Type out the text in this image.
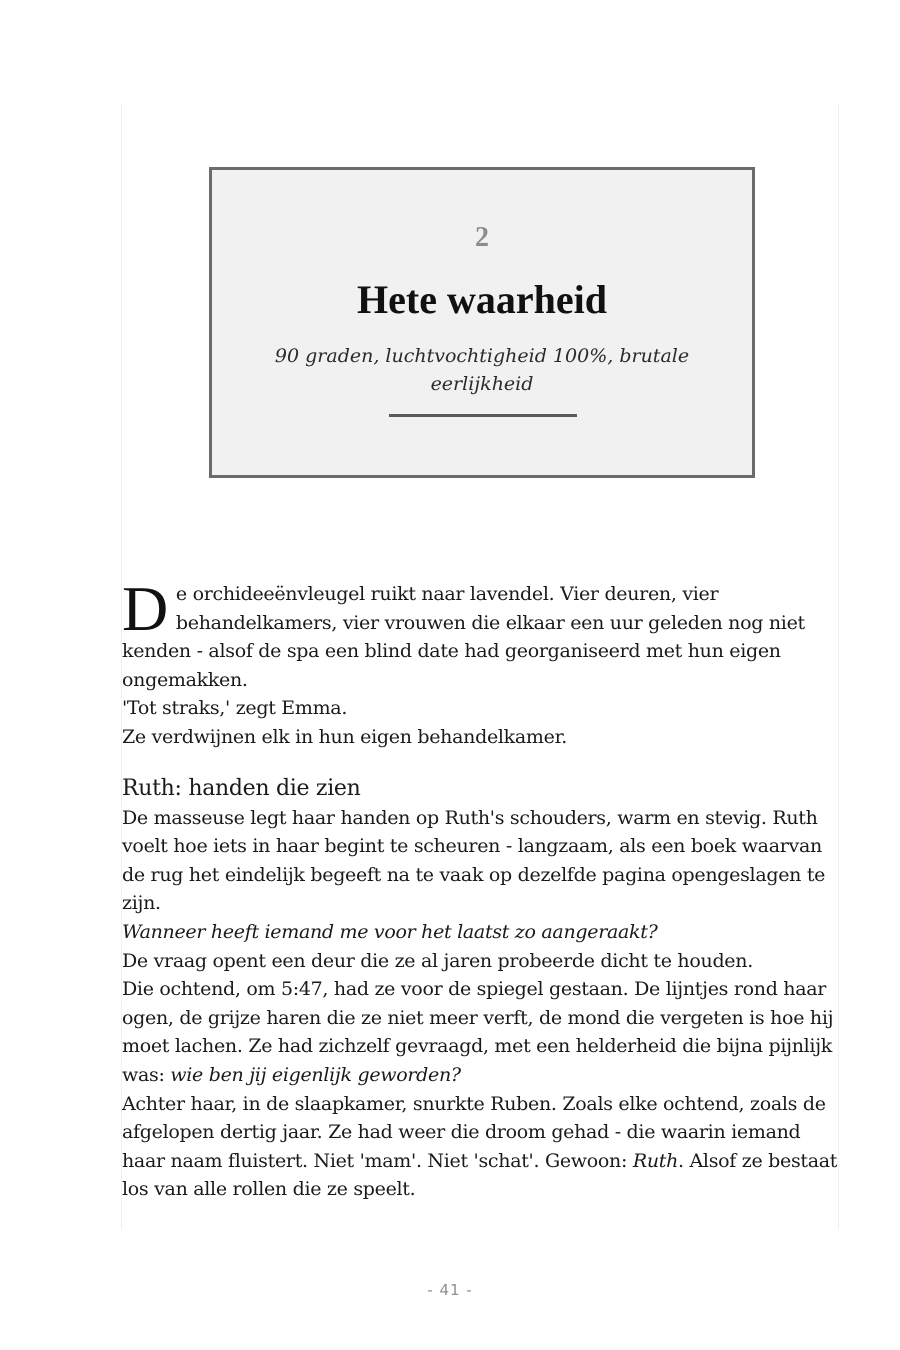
2
Hete waarheid
90 graden, luchtvochtigheid 100%, brutale eerlijkheid

De orchideeënvleugel ruikt naar lavendel. Vier deuren, vier behandelkamers, vier vrouwen die elkaar een uur geleden nog niet kenden - alsof de spa een blind date had georganiseerd met hun eigen ongemakken.

'Tot straks,' zegt Emma.

Ze verdwijnen elk in hun eigen behandelkamer.

Ruth: handen die zien

De masseuse legt haar handen op Ruth's schouders, warm en stevig. Ruth voelt hoe iets in haar begint te scheuren - langzaam, als een boek waarvan de rug het eindelijk begeeft na te vaak op dezelfde pagina opengeslagen te zijn.

Wanneer heeft iemand me voor het laatst zo aangeraakt?

De vraag opent een deur die ze al jaren probeerde dicht te houden.

Die ochtend, om 5:47, had ze voor de spiegel gestaan. De lijntjes rond haar ogen, de grijze haren die ze niet meer verft, de mond die vergeten is hoe hij moet lachen. Ze had zichzelf gevraagd, met een helderheid die bijna pijnlijk was: wie ben jij eigenlijk geworden?

Achter haar, in de slaapkamer, snurkte Ruben. Zoals elke ochtend, zoals de afgelopen dertig jaar. Ze had weer die droom gehad - die waarin iemand haar naam fluistert. Niet 'mam'. Niet 'schat'. Gewoon: Ruth. Alsof ze bestaat los van alle rollen die ze speelt.

- 41 -
